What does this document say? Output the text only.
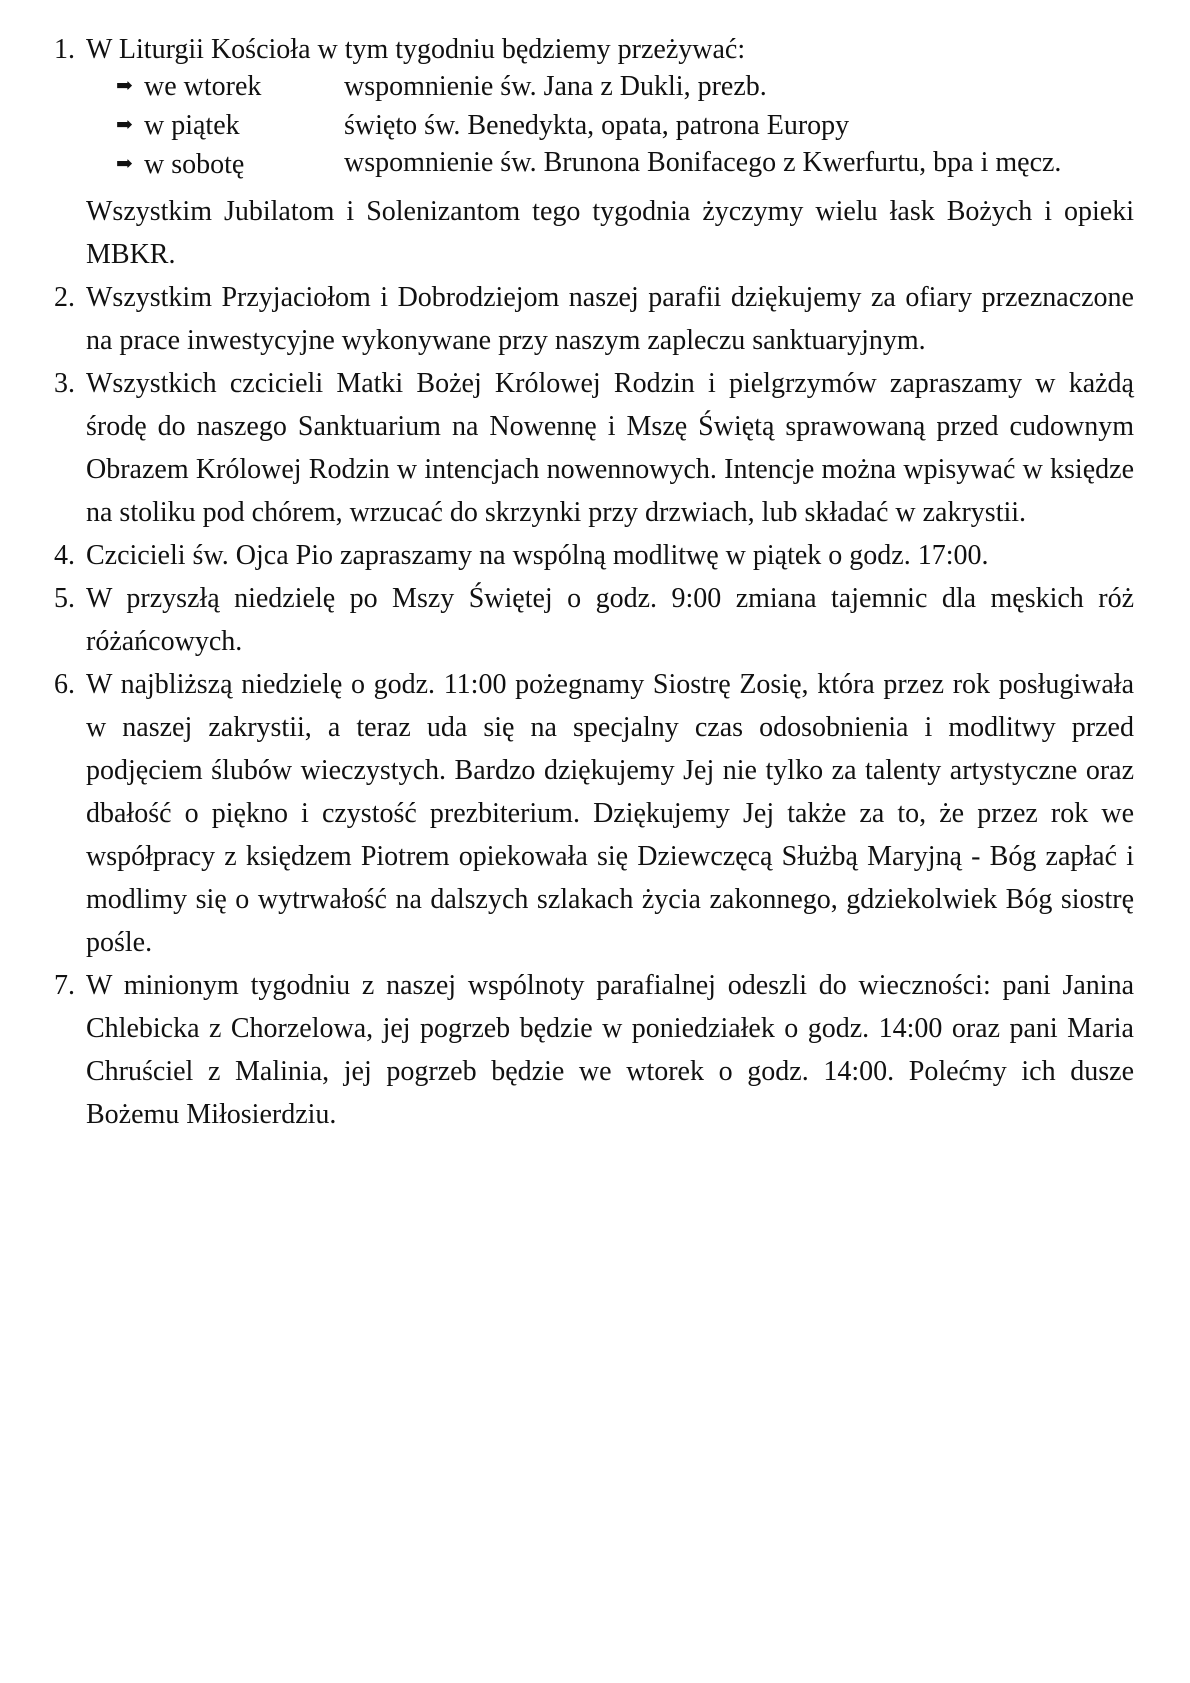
1. W Liturgii Kościoła w tym tygodniu będziemy przeżywać:
➡ we wtorek	wspomnienie św. Jana z Dukli, prezb.
➡ w piątek	święto św. Benedykta, opata, patrona Europy
➡ w sobotę	wspomnienie św. Brunona Bonifacego z Kwerfurtu, bpa i męcz.
Wszystkim Jubilatom i Solenizantom tego tygodnia życzymy wielu łask Bożych i opieki MBKR.
2. Wszystkim Przyjaciołom i Dobrodziejom naszej parafii dziękujemy za ofiary przeznaczone na prace inwestycyjne wykonywane przy naszym zapleczu sanktuaryjnym.
3. Wszystkich czcicieli Matki Bożej Królowej Rodzin i pielgrzymów zapraszamy w każdą środę do naszego Sanktuarium na Nowennę i Mszę Świętą sprawowaną przed cudownym Obrazem Królowej Rodzin w intencjach nowennowych. Intencje można wpisywać w księdze na stoliku pod chórem, wrzucać do skrzynki przy drzwiach, lub składać w zakrystii.
4. Czcicieli św. Ojca Pio zapraszamy na wspólną modlitwę w piątek o godz. 17:00.
5. W przyszłą niedzielę po Mszy Świętej o godz. 9:00 zmiana tajemnic dla męskich róż różańcowych.
6. W najbliższą niedzielę o godz. 11:00 pożegnamy Siostrę Zosię, która przez rok posługiwała w naszej zakrystii, a teraz uda się na specjalny czas odosobnienia i modlitwy przed podjęciem ślubów wieczystych. Bardzo dziękujemy Jej nie tylko za talenty artystyczne oraz dbałość o piękno i czystość prezbiterium. Dziękujemy Jej także za to, że przez rok we współpracy z księdzem Piotrem opiekowała się Dziewczęcą Służbą Maryjną - Bóg zapłać i modlimy się o wytrwałość na dalszych szlakach życia zakonnego, gdziekolwiek Bóg siostrę pośle.
7. W minionym tygodniu z naszej wspólnoty parafialnej odeszli do wieczności: pani Janina Chlebicka z Chorzelowa, jej pogrzeb będzie w poniedziałek o godz. 14:00 oraz pani Maria Chruściel z Malinia, jej pogrzeb będzie we wtorek o godz. 14:00. Polećmy ich dusze Bożemu Miłosierdziu.
